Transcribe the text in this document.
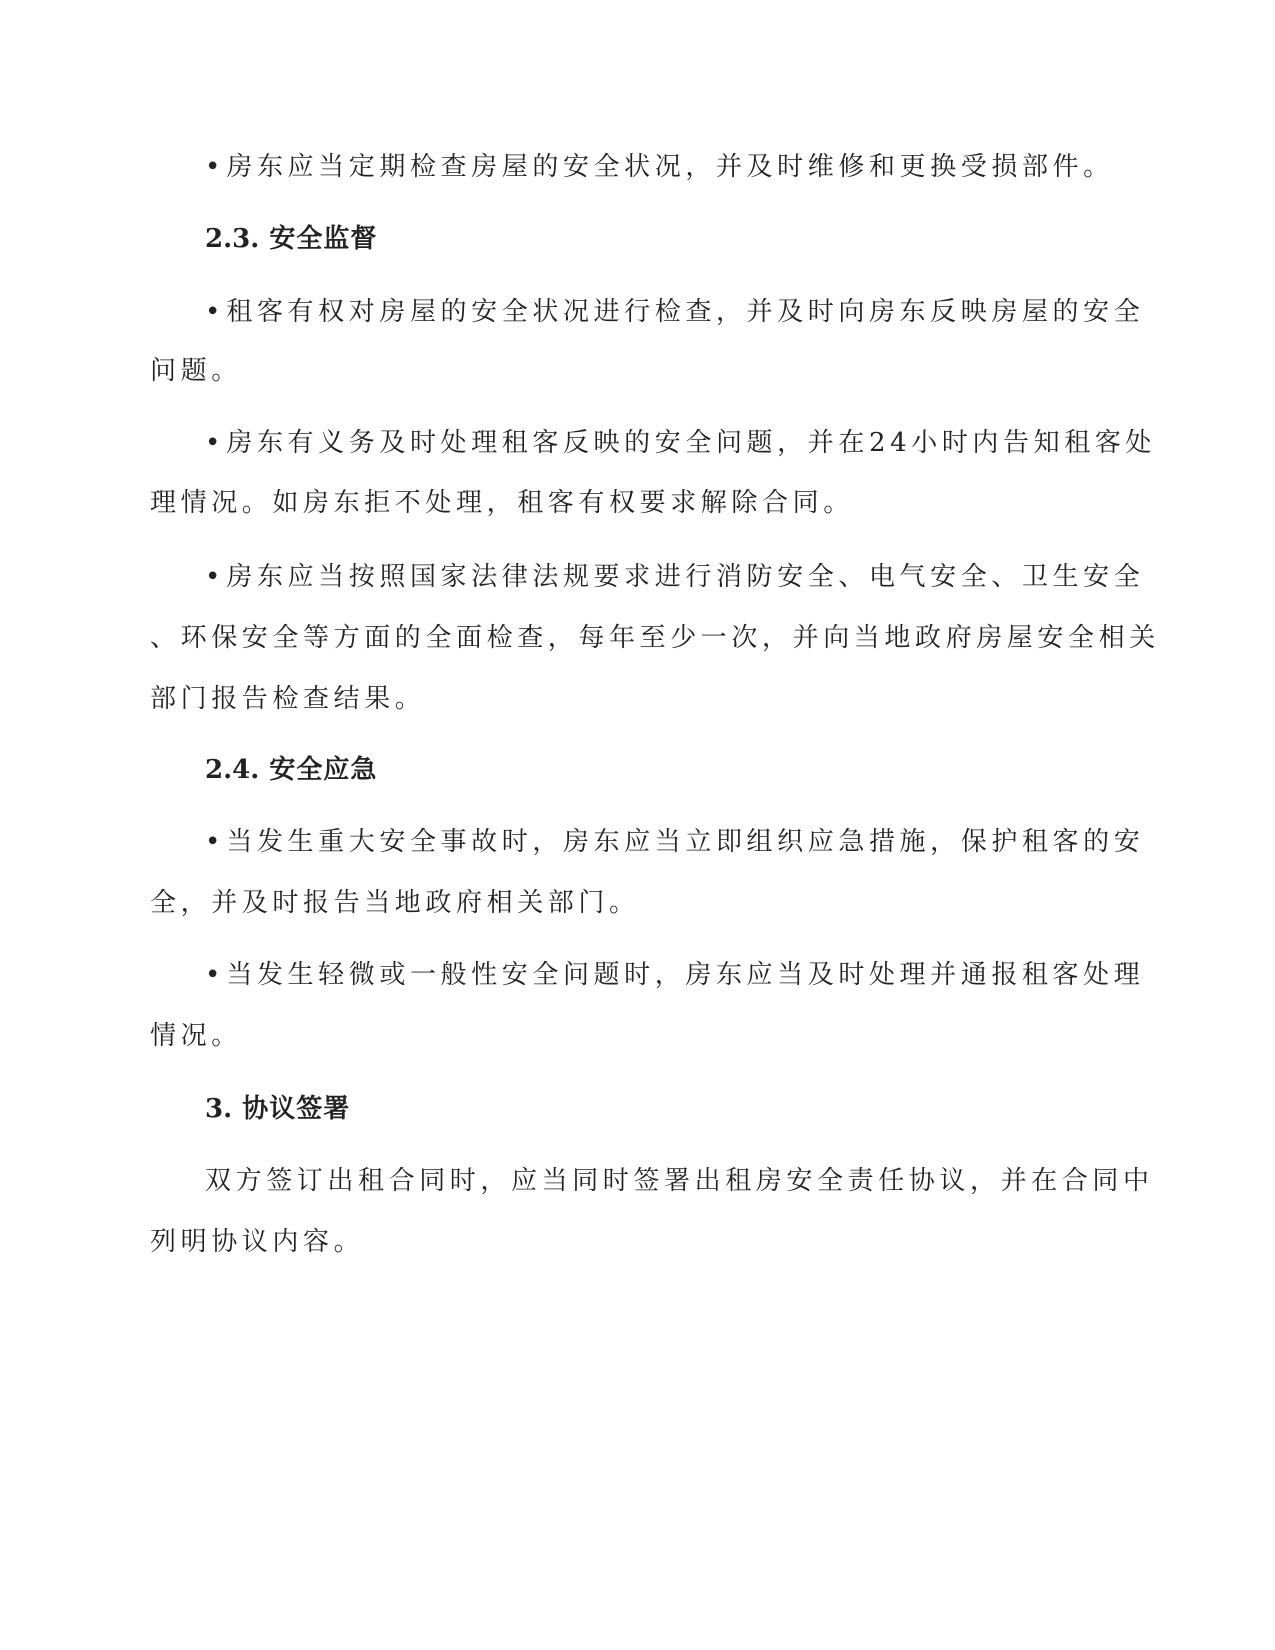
• 房东应当定期检查房屋的安全状况，并及时维修和更换受损部件。
2.3. 安全监督
• 租客有权对房屋的安全状况进行检查，并及时向房东反映房屋的安全
问题。
• 房东有义务及时处理租客反映的安全问题，并在24小时内告知租客处
理情况。如房东拒不处理，租客有权要求解除合同。
• 房东应当按照国家法律法规要求进行消防安全、电气安全、卫生安全
、环保安全等方面的全面检查，每年至少一次，并向当地政府房屋安全相关
部门报告检查结果。
2.4. 安全应急
• 当发生重大安全事故时，房东应当立即组织应急措施，保护租客的安
全，并及时报告当地政府相关部门。
• 当发生轻微或一般性安全问题时，房东应当及时处理并通报租客处理
情况。
3. 协议签署
双方签订出租合同时，应当同时签署出租房安全责任协议，并在合同中
列明协议内容。
